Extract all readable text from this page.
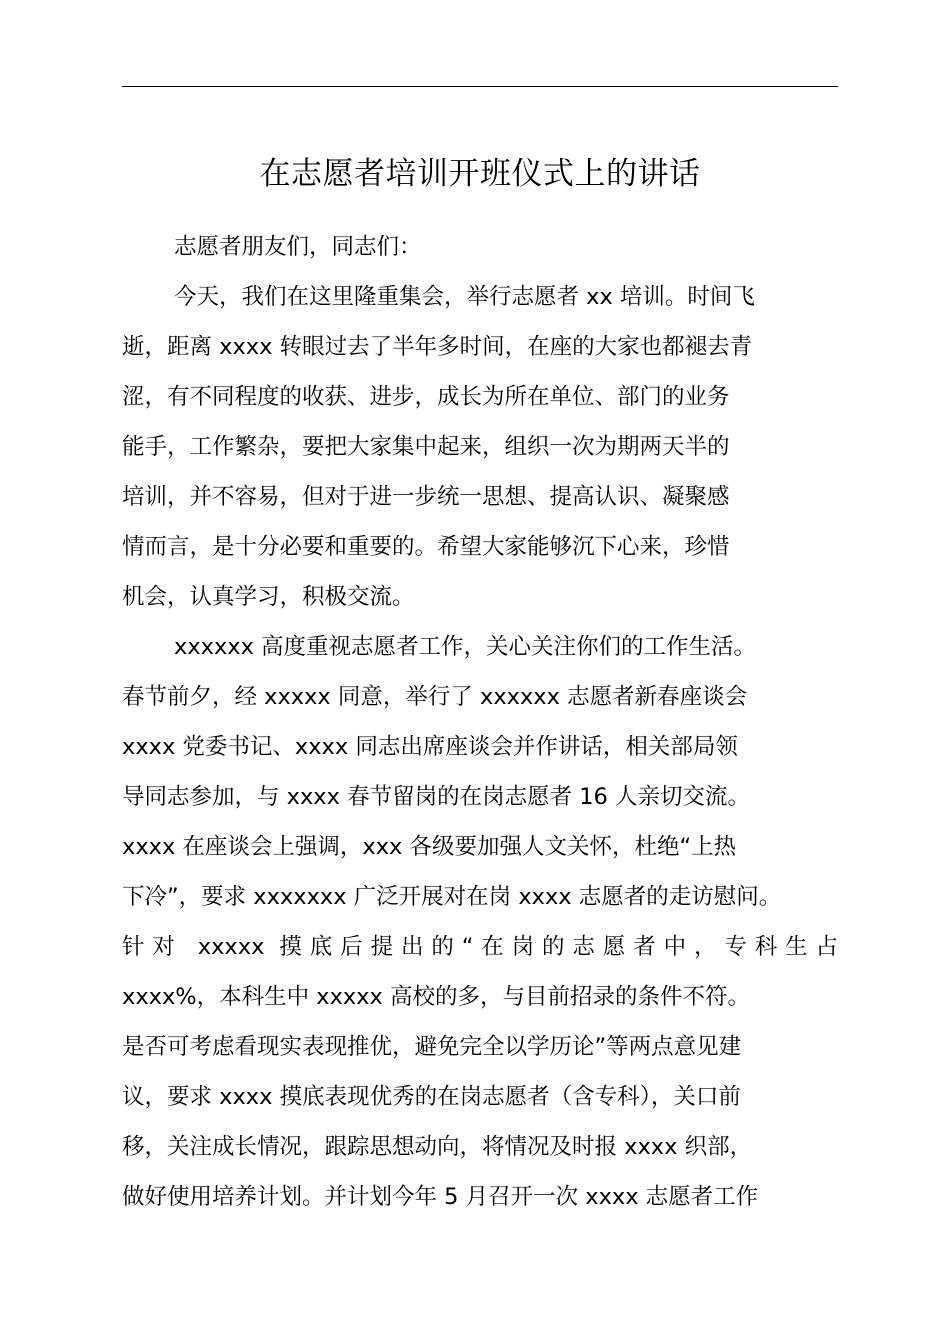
在志愿者培训开班仪式上的讲话

志愿者朋友们，同志们：

今天，我们在这里隆重集会，举行志愿者 xx 培训。时间飞

逝，距离 xxxx 转眼过去了半年多时间，在座的大家也都褪去青

涩，有不同程度的收获、进步，成长为所在单位、部门的业务

能手，工作繁杂，要把大家集中起来，组织一次为期两天半的

培训，并不容易，但对于进一步统一思想、提高认识、凝聚感

情而言，是十分必要和重要的。希望大家能够沉下心来，珍惜

机会，认真学习，积极交流。

xxxxxx 高度重视志愿者工作，关心关注你们的工作生活。

春节前夕，经 xxxxx 同意，举行了 xxxxxx 志愿者新春座谈会

xxxx 党委书记、xxxx 同志出席座谈会并作讲话，相关部局领

导同志参加，与 xxxx 春节留岗的在岗志愿者 16 人亲切交流。

xxxx 在座谈会上强调，xxx 各级要加强人文关怀，杜绝“上热

下冷”，要求 xxxxxxx 广泛开展对在岗 xxxx 志愿者的走访慰问。

针对 xxxxx 摸底后提出的“在岗的志愿者中，专科生占

xxxx%，本科生中 xxxxx 高校的多，与目前招录的条件不符。

是否可考虑看现实表现推优，避免完全以学历论”等两点意见建

议，要求 xxxx 摸底表现优秀的在岗志愿者（含专科），关口前

移，关注成长情况，跟踪思想动向，将情况及时报 xxxx 织部，

做好使用培养计划。并计划今年 5 月召开一次 xxxx 志愿者工作
